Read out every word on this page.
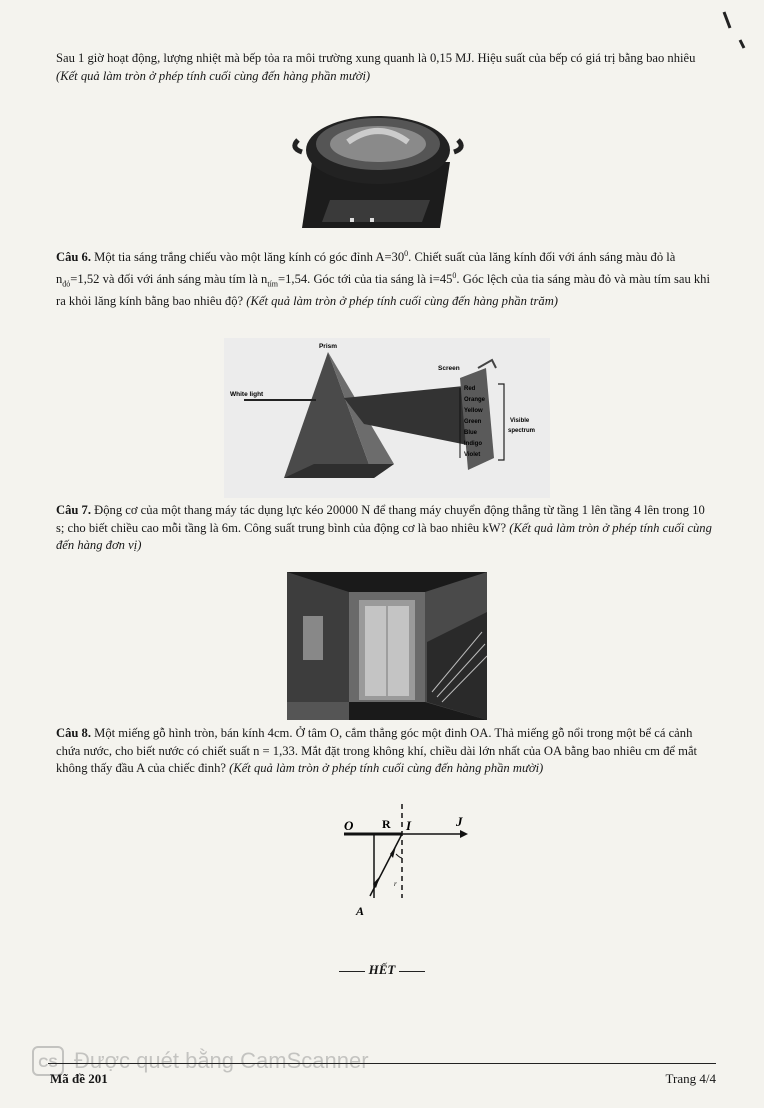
Sau 1 giờ hoạt động, lượng nhiệt mà bếp tỏa ra môi trường xung quanh là 0,15 MJ. Hiệu suất của bếp có giá trị bằng bao nhiêu (Kết quả làm tròn ở phép tính cuối cùng đến hàng phần mười)
Câu 6. Một tia sáng trắng chiếu vào một lăng kính có góc đỉnh $A=30^0$. Chiết suất của lăng kính đối với ánh sáng màu đỏ là $n_{đỏ}=1,52$ và đối với ánh sáng màu tím là $n_{tím}=1,54$. Góc tới của tia sáng là $i=45^0$. Góc lệch của tia sáng màu đỏ và màu tím sau khi ra khỏi lăng kính bằng bao nhiêu độ? (Kết quả làm tròn ở phép tính cuối cùng đến hàng phần trăm)
Prism
Screen
White light
Red
Orange
Yellow
Green
Blue
Indigo
Violet
Visible
spectrum
Câu 7. Động cơ của một thang máy tác dụng lực kéo 20000 N để thang máy chuyển động thẳng từ tầng 1 lên tầng 4 lên trong 10 s; cho biết chiều cao mỗi tầng là 6m. Công suất trung bình của động cơ là bao nhiêu kW? (Kết quả làm tròn ở phép tính cuối cùng đến hàng đơn vị)
Câu 8. Một miếng gỗ hình tròn, bán kính 4cm. Ở tâm O, cắm thẳng góc một đinh OA. Thả miếng gỗ nổi trong một bể cá cảnh chứa nước, cho biết nước có chiết suất n = 1,33. Mắt đặt trong không khí, chiều dài lớn nhất của OA bằng bao nhiêu cm để mắt không thấy đầu A của chiếc đinh? (Kết quả làm tròn ở phép tính cuối cùng đến hàng phần mười)
O R I	J
A
r
HẾT
CS Được quét bằng CamScanner
Mã đề 201	Trang 4/4
